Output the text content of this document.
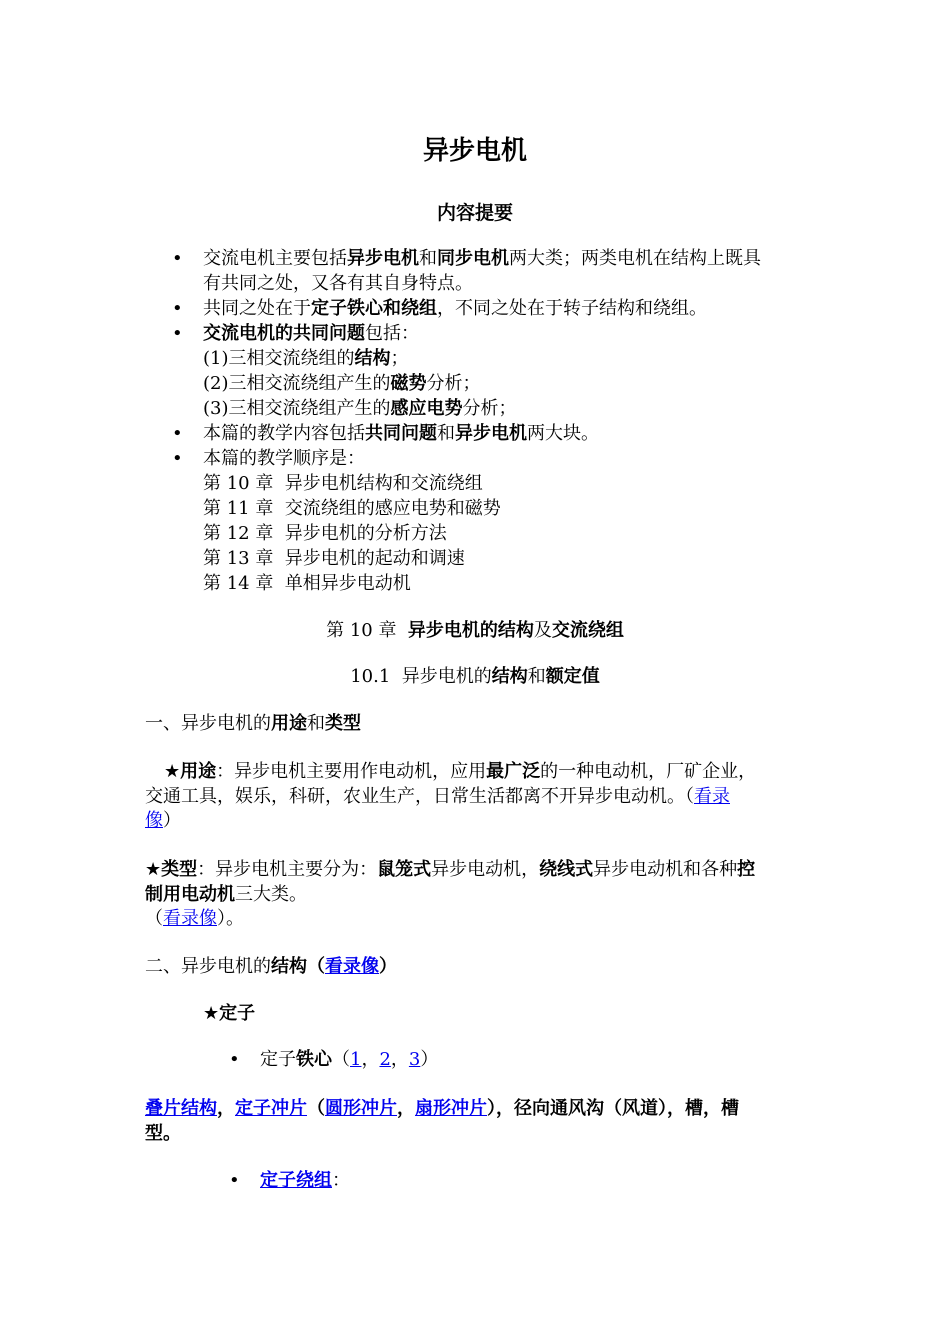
异步电机
内容提要
• 交流电机主要包括异步电机和同步电机两大类；两类电机在结构上既具
有共同之处，又各有其自身特点。
• 共同之处在于定子铁心和绕组，不同之处在于转子结构和绕组。
• 交流电机的共同问题包括：
(1)三相交流绕组的结构；
(2)三相交流绕组产生的磁势分析；
(3)三相交流绕组产生的感应电势分析；
• 本篇的教学内容包括共同问题和异步电机两大块。
• 本篇的教学顺序是：
第 10 章  异步电机结构和交流绕组
第 11 章  交流绕组的感应电势和磁势
第 12 章  异步电机的分析方法
第 13 章  异步电机的起动和调速
第 14 章  单相异步电动机
第 10 章  异步电机的结构及交流绕组
10.1  异步电机的结构和额定值
一、异步电机的用途和类型
★用途：异步电机主要用作电动机，应用最广泛的一种电动机，厂矿企业，
交通工具，娱乐，科研，农业生产，日常生活都离不开异步电动机。（看录
像）
★类型：异步电机主要分为：鼠笼式异步电动机，绕线式异步电动机和各种控
制用电动机三大类。
（看录像）。
二、异步电机的结构（看录像）
★定子
• 定子铁心（1，2，3）
叠片结构，定子冲片（圆形冲片，扇形冲片），径向通风沟（风道），槽，槽
型。
• 定子绕组：
